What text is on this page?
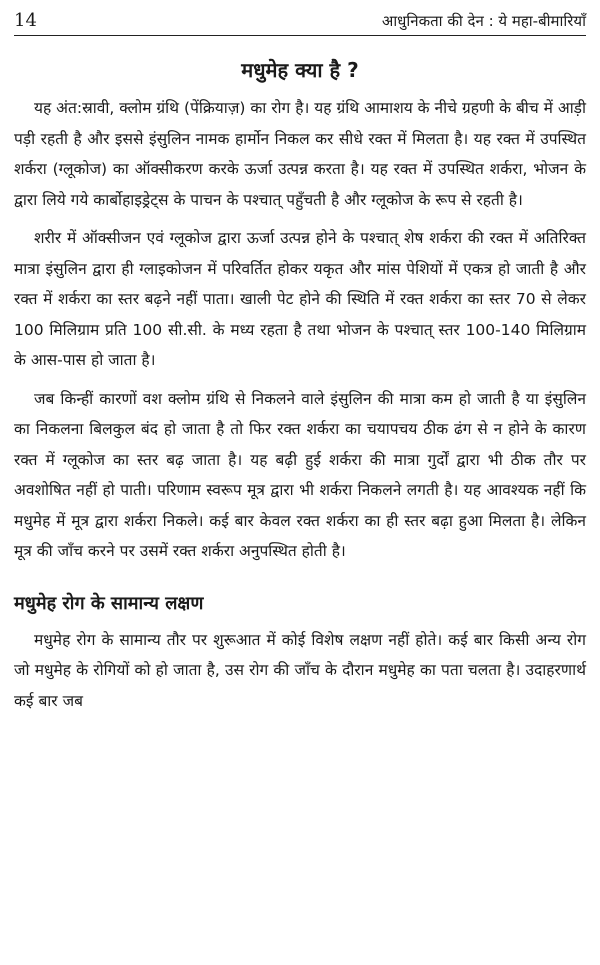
14	आधुनिकता की देन : ये महा-बीमारियाँ
मधुमेह क्या है ?

यह अंत:स्रावी, क्लोम ग्रंथि (पेंक्रियाज़) का रोग है। यह ग्रंथि आमाशय के नीचे ग्रहणी के बीच में आड़ी पड़ी रहती है और इससे इंसुलिन नामक हार्मोन निकल कर सीधे रक्त में मिलता है। यह रक्त में उपस्थित शर्करा (ग्लूकोज) का ऑक्सीकरण करके ऊर्जा उत्पन्न करता है। यह रक्त में उपस्थित शर्करा, भोजन के द्वारा लिये गये कार्बोहाइड्रेट्स के पाचन के पश्चात् पहुँचती है और ग्लूकोज के रूप से रहती है।

शरीर में ऑक्सीजन एवं ग्लूकोज द्वारा ऊर्जा उत्पन्न होने के पश्चात् शेष शर्करा की रक्त में अतिरिक्त मात्रा इंसुलिन द्वारा ही ग्लाइकोजन में परिवर्तित होकर यकृत और मांस पेशियों में एकत्र हो जाती है और रक्त में शर्करा का स्तर बढ़ने नहीं पाता। खाली पेट होने की स्थिति में रक्त शर्करा का स्तर 70 से लेकर 100 मिलिग्राम प्रति 100 सी.सी. के मध्य रहता है तथा भोजन के पश्चात् स्तर 100-140 मिलिग्राम के आस-पास हो जाता है।

जब किन्हीं कारणों वश क्लोम ग्रंथि से निकलने वाले इंसुलिन की मात्रा कम हो जाती है या इंसुलिन का निकलना बिलकुल बंद हो जाता है तो फिर रक्त शर्करा का चयापचय ठीक ढंग से न होने के कारण रक्त में ग्लूकोज का स्तर बढ़ जाता है। यह बढ़ी हुई शर्करा की मात्रा गुर्दों द्वारा भी ठीक तौर पर अवशोषित नहीं हो पाती। परिणाम स्वरूप मूत्र द्वारा भी शर्करा निकलने लगती है। यह आवश्यक नहीं कि मधुमेह में मूत्र द्वारा शर्करा निकले। कई बार केवल रक्त शर्करा का ही स्तर बढ़ा हुआ मिलता है। लेकिन मूत्र की जाँच करने पर उसमें रक्त शर्करा अनुपस्थित होती है।

मधुमेह रोग के सामान्य लक्षण

मधुमेह रोग के सामान्य तौर पर शुरूआत में कोई विशेष लक्षण नहीं होते। कई बार किसी अन्य रोग जो मधुमेह के रोगियों को हो जाता है, उस रोग की जाँच के दौरान मधुमेह का पता चलता है। उदाहरणार्थ कई बार जब
